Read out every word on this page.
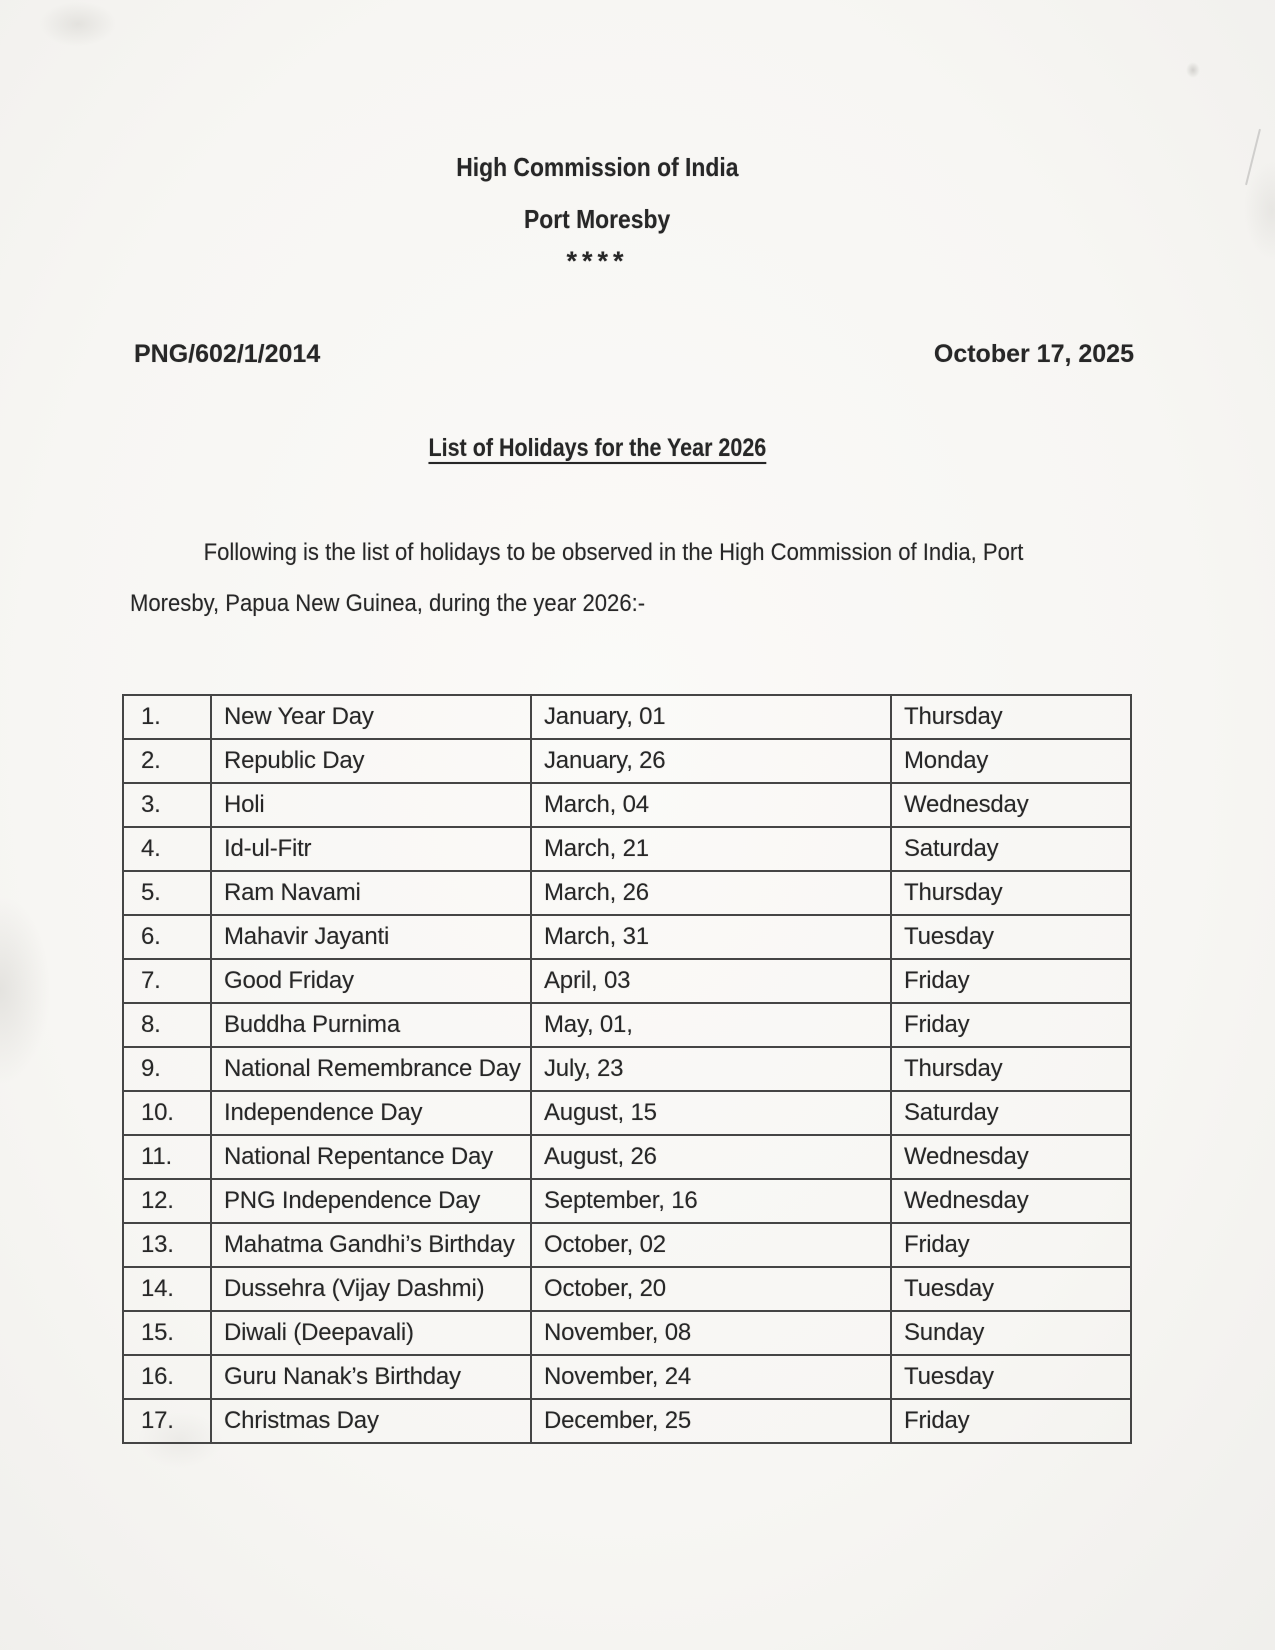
High Commission of India
Port Moresby
****
PNG/602/1/2014	October 17, 2025
List of Holidays for the Year 2026
Following is the list of holidays to be observed in the High Commission of India, Port
Moresby, Papua New Guinea, during the year 2026:-
1.	New Year Day	January, 01	Thursday
2.	Republic Day	January, 26	Monday
3.	Holi	March, 04	Wednesday
4.	Id-ul-Fitr	March, 21	Saturday
5.	Ram Navami	March, 26	Thursday
6.	Mahavir Jayanti	March, 31	Tuesday
7.	Good Friday	April, 03	Friday
8.	Buddha Purnima	May, 01,	Friday
9.	National Remembrance Day	July, 23	Thursday
10.	Independence Day	August, 15	Saturday
11.	National Repentance Day	August, 26	Wednesday
12.	PNG Independence Day	September, 16	Wednesday
13.	Mahatma Gandhi’s Birthday	October, 02	Friday
14.	Dussehra (Vijay Dashmi)	October, 20	Tuesday
15.	Diwali (Deepavali)	November, 08	Sunday
16.	Guru Nanak’s Birthday	November, 24	Tuesday
17.	Christmas Day	December, 25	Friday
